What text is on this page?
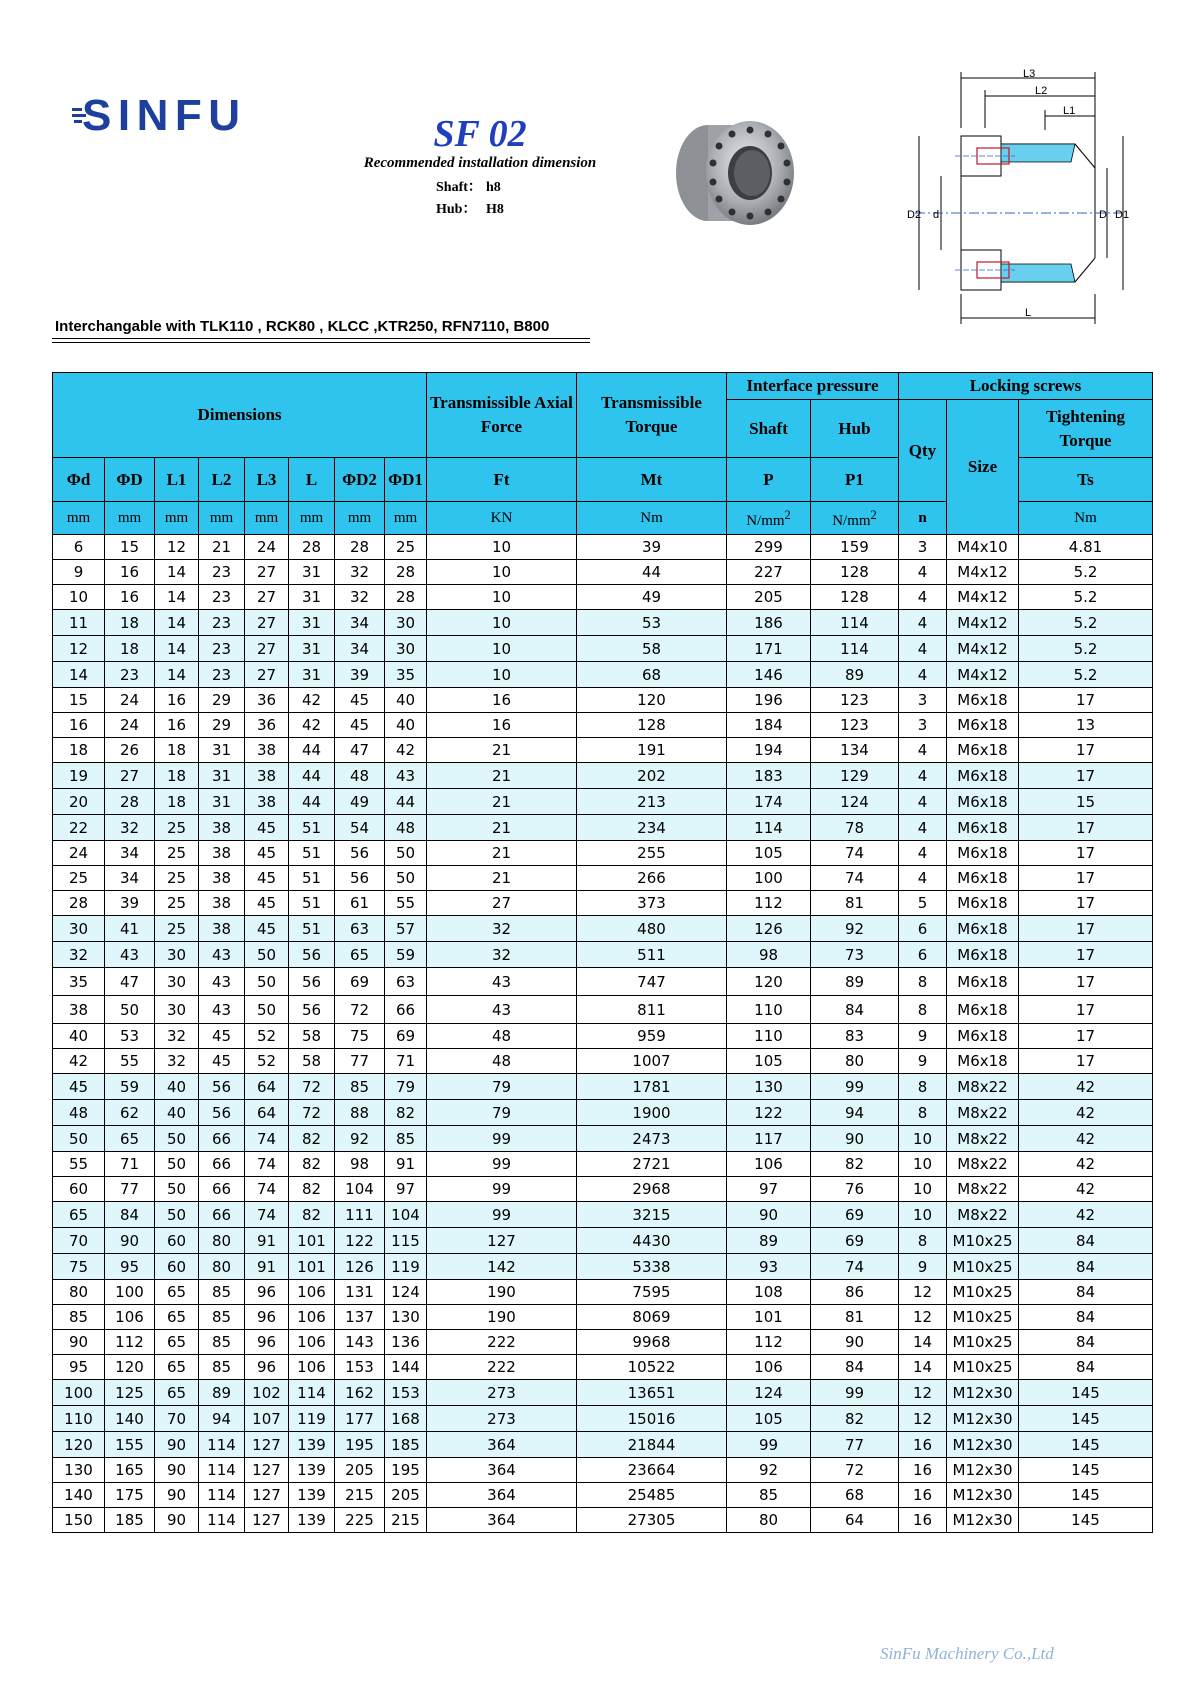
SINFU	SF 02
Recommended installation dimension
Shaft： h8
Hub： H8
L3
L2
L1
D2 d	D D1
L
Interchangable with TLK110 , RCK80 , KLCC ,KTR250, RFN7110, B800
Dimensions								Transmissible Axial Force	Transmissible Torque	Interface pressure		Locking screws		
										Shaft	Hub	Qty	Size	Tightening Torque
Φd	ΦD	L1	L2	L3	L	ΦD2	ΦD1	Ft	Mt	P	P1			Ts
mm	mm	mm	mm	mm	mm	mm	mm	KN	Nm	$N/mm^2$	$N/mm^2$	n		Nm
6	15	12	21	24	28	28	25	10	39	299	159	3	M4x10	4.81
9	16	14	23	27	31	32	28	10	44	227	128	4	M4x12	5.2
10	16	14	23	27	31	32	28	10	49	205	128	4	M4x12	5.2
11	18	14	23	27	31	34	30	10	53	186	114	4	M4x12	5.2
12	18	14	23	27	31	34	30	10	58	171	114	4	M4x12	5.2
14	23	14	23	27	31	39	35	10	68	146	89	4	M4x12	5.2
15	24	16	29	36	42	45	40	16	120	196	123	3	M6x18	17
16	24	16	29	36	42	45	40	16	128	184	123	3	M6x18	13
18	26	18	31	38	44	47	42	21	191	194	134	4	M6x18	17
19	27	18	31	38	44	48	43	21	202	183	129	4	M6x18	17
20	28	18	31	38	44	49	44	21	213	174	124	4	M6x18	15
22	32	25	38	45	51	54	48	21	234	114	78	4	M6x18	17
24	34	25	38	45	51	56	50	21	255	105	74	4	M6x18	17
25	34	25	38	45	51	56	50	21	266	100	74	4	M6x18	17
28	39	25	38	45	51	61	55	27	373	112	81	5	M6x18	17
30	41	25	38	45	51	63	57	32	480	126	92	6	M6x18	17
32	43	30	43	50	56	65	59	32	511	98	73	6	M6x18	17
35	47	30	43	50	56	69	63	43	747	120	89	8	M6x18	17
38	50	30	43	50	56	72	66	43	811	110	84	8	M6x18	17
40	53	32	45	52	58	75	69	48	959	110	83	9	M6x18	17
42	55	32	45	52	58	77	71	48	1007	105	80	9	M6x18	17
45	59	40	56	64	72	85	79	79	1781	130	99	8	M8x22	42
48	62	40	56	64	72	88	82	79	1900	122	94	8	M8x22	42
50	65	50	66	74	82	92	85	99	2473	117	90	10	M8x22	42
55	71	50	66	74	82	98	91	99	2721	106	82	10	M8x22	42
60	77	50	66	74	82	104	97	99	2968	97	76	10	M8x22	42
65	84	50	66	74	82	111	104	99	3215	90	69	10	M8x22	42
70	90	60	80	91	101	122	115	127	4430	89	69	8	M10x25	84
75	95	60	80	91	101	126	119	142	5338	93	74	9	M10x25	84
80	100	65	85	96	106	131	124	190	7595	108	86	12	M10x25	84
85	106	65	85	96	106	137	130	190	8069	101	81	12	M10x25	84
90	112	65	85	96	106	143	136	222	9968	112	90	14	M10x25	84
95	120	65	85	96	106	153	144	222	10522	106	84	14	M10x25	84
100	125	65	89	102	114	162	153	273	13651	124	99	12	M12x30	145
110	140	70	94	107	119	177	168	273	15016	105	82	12	M12x30	145
120	155	90	114	127	139	195	185	364	21844	99	77	16	M12x30	145
130	165	90	114	127	139	205	195	364	23664	92	72	16	M12x30	145
140	175	90	114	127	139	215	205	364	25485	85	68	16	M12x30	145
150	185	90	114	127	139	225	215	364	27305	80	64	16	M12x30	145
SinFu Machinery Co.,Ltd
